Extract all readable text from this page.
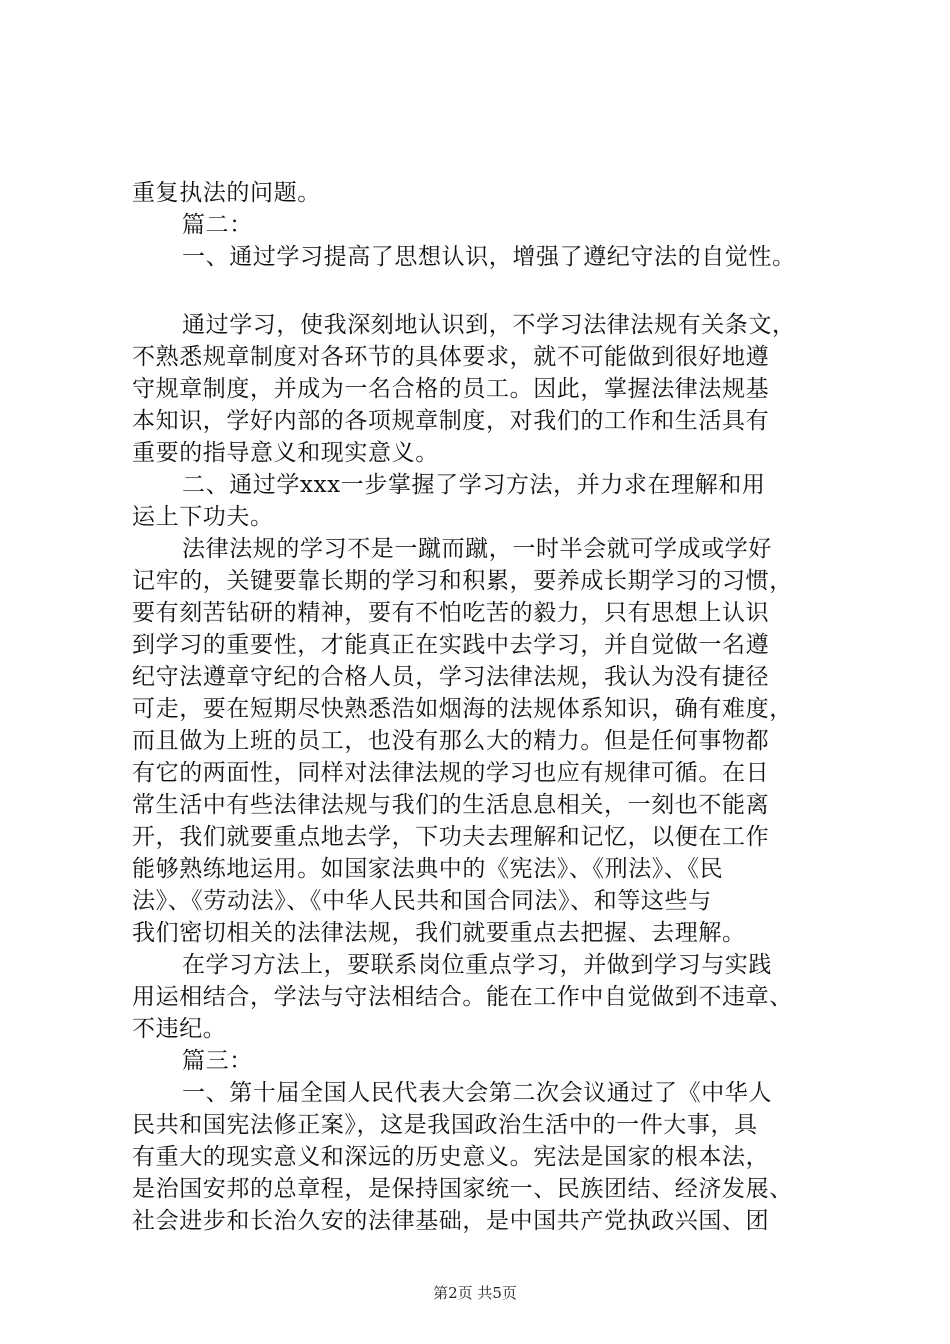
重复执法的问题。
篇二：
一、通过学习提高了思想认识，增强了遵纪守法的自觉性。
通过学习，使我深刻地认识到，不学习法律法规有关条文，
不熟悉规章制度对各环节的具体要求，就不可能做到很好地遵
守规章制度，并成为一名合格的员工。因此，掌握法律法规基
本知识，学好内部的各项规章制度，对我们的工作和生活具有
重要的指导意义和现实意义。
二、通过学xxx一步掌握了学习方法，并力求在理解和用
运上下功夫。
法律法规的学习不是一蹴而蹴，一时半会就可学成或学好
记牢的，关键要靠长期的学习和积累，要养成长期学习的习惯，
要有刻苦钻研的精神，要有不怕吃苦的毅力，只有思想上认识
到学习的重要性，才能真正在实践中去学习，并自觉做一名遵
纪守法遵章守纪的合格人员，学习法律法规，我认为没有捷径
可走，要在短期尽快熟悉浩如烟海的法规体系知识，确有难度，
而且做为上班的员工，也没有那么大的精力。但是任何事物都
有它的两面性，同样对法律法规的学习也应有规律可循。在日
常生活中有些法律法规与我们的生活息息相关，一刻也不能离
开，我们就要重点地去学，下功夫去理解和记忆，以便在工作
能够熟练地运用。如国家法典中的《宪法》、《刑法》、《民
法》、《劳动法》、《中华人民共和国合同法》、和等这些与
我们密切相关的法律法规，我们就要重点去把握、去理解。
在学习方法上，要联系岗位重点学习，并做到学习与实践
用运相结合，学法与守法相结合。能在工作中自觉做到不违章、
不违纪。
篇三：
一、第十届全国人民代表大会第二次会议通过了《中华人
民共和国宪法修正案》，这是我国政治生活中的一件大事，具
有重大的现实意义和深远的历史意义。宪法是国家的根本法，
是治国安邦的总章程，是保持国家统一、民族团结、经济发展、
社会进步和长治久安的法律基础，是中国共产党执政兴国、团
第2页 共5页
